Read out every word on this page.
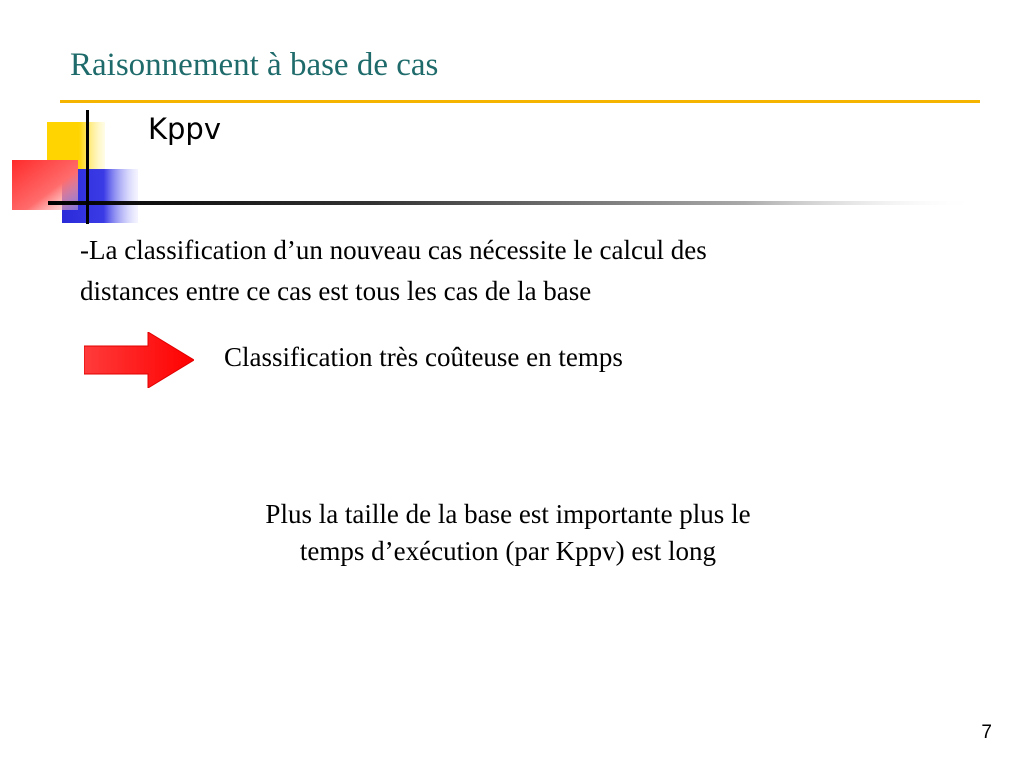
Raisonnement à base de cas
Kppv
-La classification d’un nouveau cas nécessite le calcul des
distances entre ce cas est tous les cas de la base
Classification très coûteuse en temps
Plus la taille de la base est importante plus le
temps d’exécution (par Kppv) est long
7
